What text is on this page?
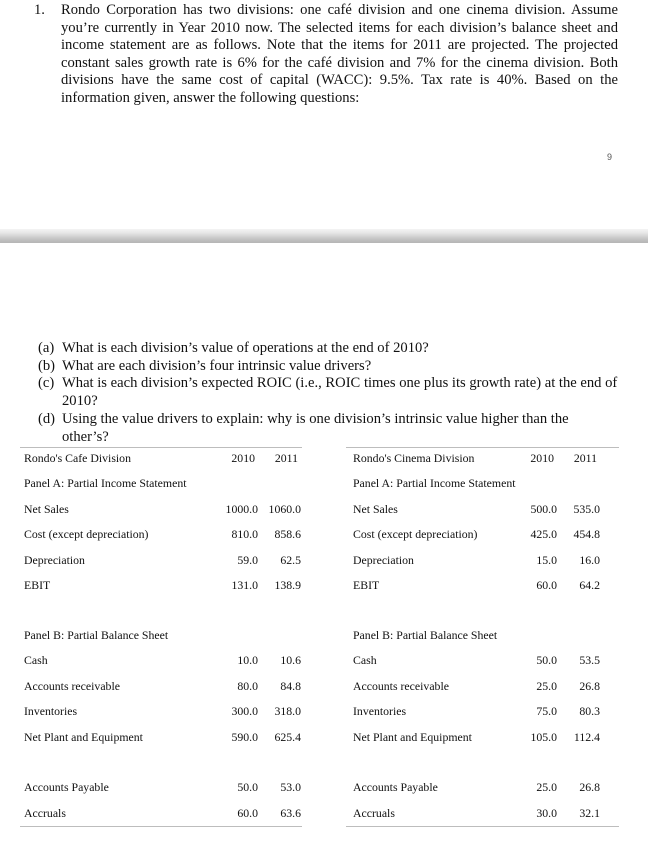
1. Rondo Corporation has two divisions: one café division and one cinema division. Assume you’re currently in Year 2010 now. The selected items for each division’s balance sheet and income statement are as follows. Note that the items for 2011 are projected. The projected constant sales growth rate is 6% for the café division and 7% for the cinema division. Both divisions have the same cost of capital (WACC): 9.5%. Tax rate is 40%. Based on the information given, answer the following questions:
9
(a) What is each division’s value of operations at the end of 2010?
(b) What are each division’s four intrinsic value drivers?
(c) What is each division’s expected ROIC (i.e., ROIC times one plus its growth rate) at the end of 2010?
(d) Using the value drivers to explain: why is one division’s intrinsic value higher than the other’s?
Rondo's Cafe Division	2010 2011
Panel A: Partial Income Statement
Panel B: Partial Balance Sheet
Net Sales	1000.0 1060.0
Cost (except depreciation)	810.0 858.6
Depreciation	59.0 62.5
EBIT	131.0 138.9
Cash	10.0 10.6
Accounts receivable	80.0 84.8
Inventories	300.0 318.0
Net Plant and Equipment	590.0 625.4
Accounts Payable	50.0 53.0
Accruals	60.0 63.6
Rondo's Cinema Division	2010 2011
Panel A: Partial Income Statement
Panel B: Partial Balance Sheet
Net Sales	500.0 535.0
Cost (except depreciation)	425.0 454.8
Depreciation	15.0 16.0
EBIT	60.0 64.2
Cash	50.0 53.5
Accounts receivable	25.0 26.8
Inventories	75.0 80.3
Net Plant and Equipment	105.0 112.4
Accounts Payable	25.0 26.8
Accruals	30.0 32.1
